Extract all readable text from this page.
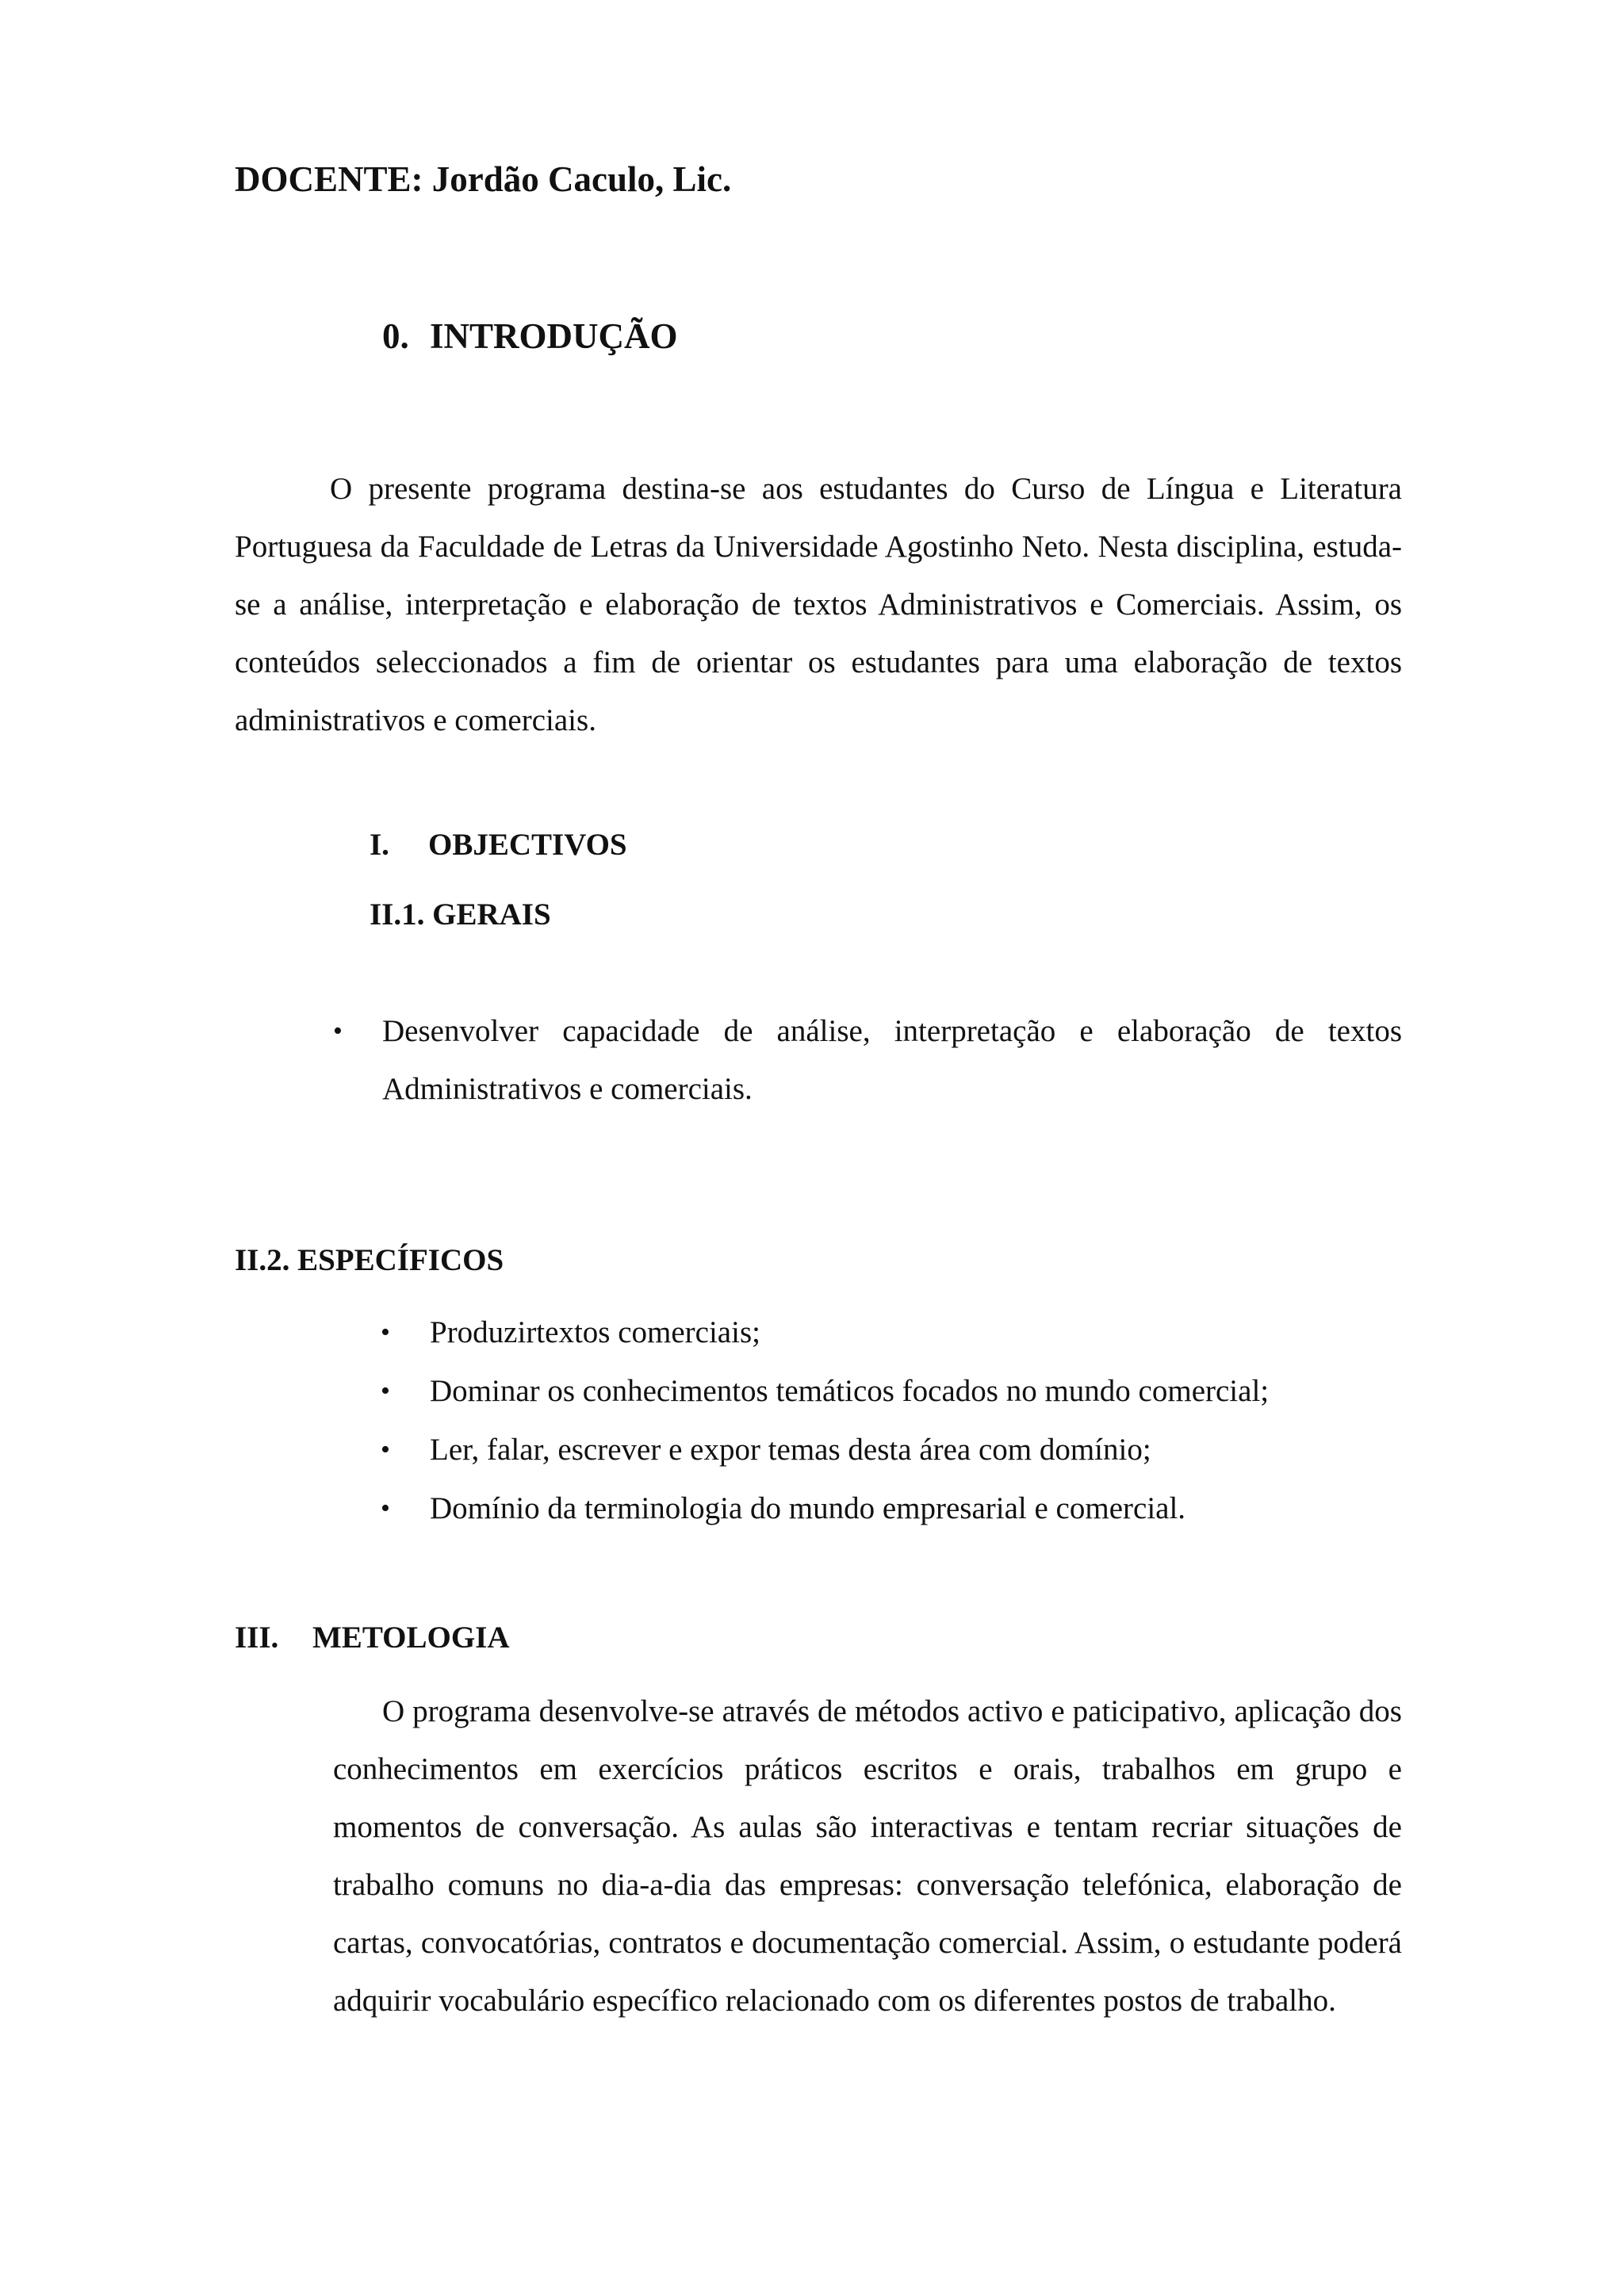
DOCENTE: Jordão Caculo, Lic.
0. INTRODUÇÃO

O presente programa destina-se aos estudantes do Curso de Língua e Literatura Portuguesa da Faculdade de Letras da Universidade Agostinho Neto. Nesta disciplina, estuda-se a análise, interpretação e elaboração de textos Administrativos e Comerciais. Assim, os conteúdos seleccionados a fim de orientar os estudantes para uma elaboração de textos administrativos e comerciais.

I. OBJECTIVOS
II.1. GERAIS
•	Desenvolver capacidade de análise, interpretação e elaboração de textos Administrativos e comerciais.
II.2. ESPECÍFICOS
•	Produzirtextos comerciais;
•	Dominar os conhecimentos temáticos focados no mundo comercial;
•	Ler, falar, escrever e expor temas desta área com domínio;
•	Domínio da terminologia do mundo empresarial e comercial.
III. METOLOGIA

O programa desenvolve-se através de métodos activo e paticipativo, aplicação dos conhecimentos em exercícios práticos escritos e orais, trabalhos em grupo e momentos de conversação. As aulas são interactivas e tentam recriar situações de trabalho comuns no dia-a-dia das empresas: conversação telefónica, elaboração de cartas, convocatórias, contratos e documentação comercial. Assim, o estudante poderá adquirir vocabulário específico relacionado com os diferentes postos de trabalho.
